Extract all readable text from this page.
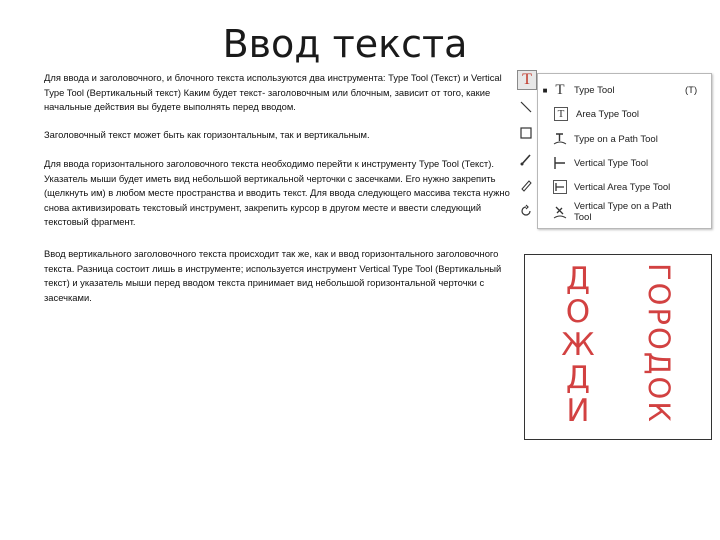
Ввод текста

Для ввода и заголовочного, и блочного текста используются два инструмента: Type Tool (Текст) и Vertical Type Tool (Вертикальный текст) Каким будет текст- заголовочным или блочным, зависит от того, какие начальные действия вы будете выполнять перед вводом.

Заголовочный текст может быть как горизонтальным, так и вертикальным.

Для ввода горизонтального заголовочного текста необходимо перейти к инструменту Type Tool (Текст). Указатель мыши будет иметь вид небольшой вертикальной черточки с засечками. Его нужно закрепить (щелкнуть им) в любом месте пространства и вводить текст. Для ввода следующего массива текста нужно снова активизировать текстовый инструмент, закрепить курсор в другом месте и ввести следующий текстовый фрагмент.

Ввод вертикального заголовочного текста происходит так же, как и ввод горизонтального заголовочного текста. Разница состоит лишь в инструменте; используется инструмент Vertical Type Tool (Вертикальный текст) и указатель мыши перед вводом текста принимает вид небольшой горизонтальной черточки с засечками.

T
■ T Type Tool	(T)
T	Area Type Tool
Type on a Path Tool
Vertical Type Tool
Vertical Area Type Tool
Vertical Type on a Path Tool
Д
О
Ж
Д
И ГОРОДОК
